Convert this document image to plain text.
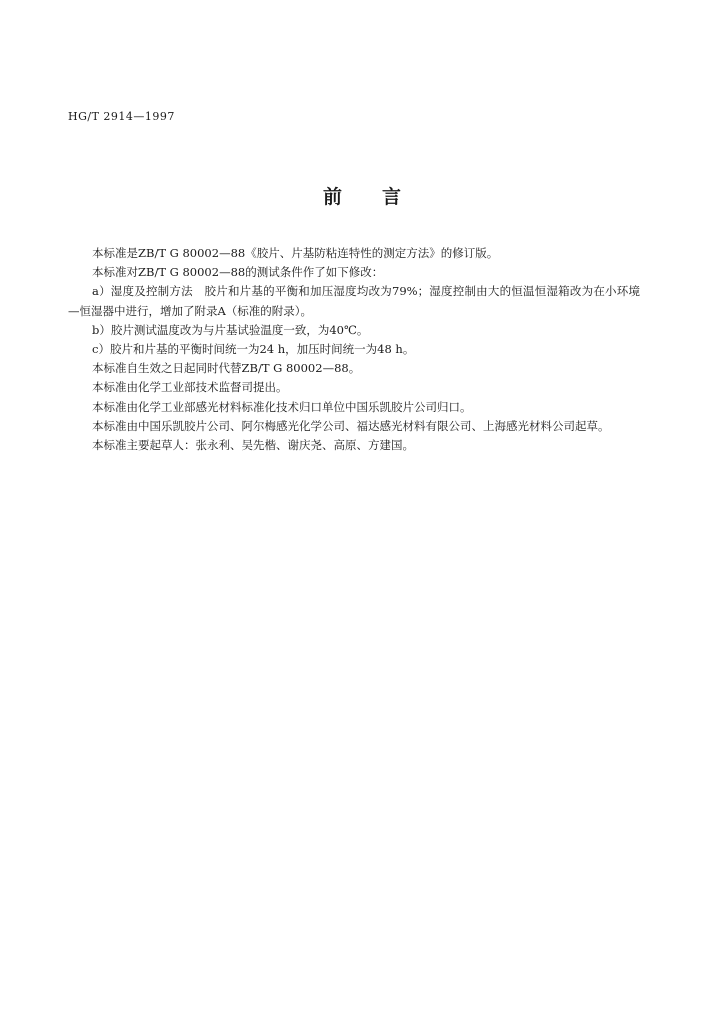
HG/T 2914—1997
前言

本标准是ZB/T G 80002—88《胶片、片基防粘连特性的测定方法》的修订版。

本标准对ZB/T G 80002—88的测试条件作了如下修改：

a）湿度及控制方法　胶片和片基的平衡和加压湿度均改为79%；湿度控制由大的恒温恒湿箱改为在小环境—恒湿器中进行，增加了附录A（标准的附录）。

b）胶片测试温度改为与片基试验温度一致，为40℃。

c）胶片和片基的平衡时间统一为24 h，加压时间统一为48 h。

本标准自生效之日起同时代替ZB/T G 80002—88。

本标准由化学工业部技术监督司提出。

本标准由化学工业部感光材料标准化技术归口单位中国乐凯胶片公司归口。

本标准由中国乐凯胶片公司、阿尔梅感光化学公司、福达感光材料有限公司、上海感光材料公司起草。

本标准主要起草人：张永利、吴先楷、谢庆尧、高原、方建国。
